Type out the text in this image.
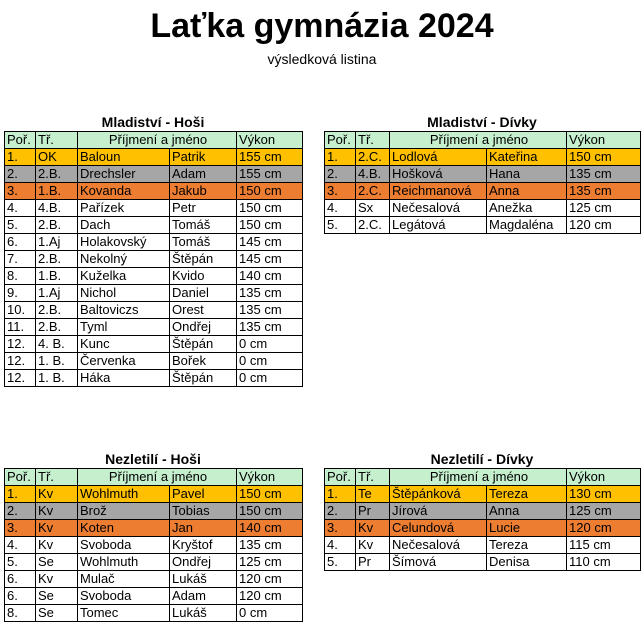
Laťka gymnázia 2024
výsledková listina
Mladiství - Hoši
Poř.	Tř.	Příjmení a jméno		Výkon
1.	OK	Baloun	Patrik	155 cm
2.	2.B.	Drechsler	Adam	155 cm
3.	1.B.	Kovanda	Jakub	150 cm
4.	4.B.	Pařízek	Petr	150 cm
5.	2.B.	Dach	Tomáš	150 cm
6.	1.Aj	Holakovský	Tomáš	145 cm
7.	2.B.	Nekolný	Štěpán	145 cm
8.	1.B.	Kuželka	Kvido	140 cm
9.	1.Aj	Nichol	Daniel	135 cm
10.	2.B.	Baltoviczs	Orest	135 cm
11.	2.B.	Tyml	Ondřej	135 cm
12.	4. B.	Kunc	Štěpán	0 cm
12.	1. B.	Červenka	Bořek	0 cm
12.	1. B.	Háka	Štěpán	0 cm
Mladiství - Dívky
Poř.	Tř.	Příjmení a jméno		Výkon
1.	2.C.	Lodlová	Kateřina	150 cm
2.	4.B.	Hošková	Hana	135 cm
3.	2.C.	Reichmanová	Anna	135 cm
4.	Sx	Nečesalová	Anežka	125 cm
5.	2.C.	Legátová	Magdaléna	120 cm
Nezletilí - Hoši
Poř.	Tř.	Příjmení a jméno		Výkon
1.	Kv	Wohlmuth	Pavel	150 cm
2.	Kv	Brož	Tobias	150 cm
3.	Kv	Koten	Jan	140 cm
4.	Kv	Svoboda	Kryštof	135 cm
5.	Se	Wohlmuth	Ondřej	125 cm
6.	Kv	Mulač	Lukáš	120 cm
6.	Se	Svoboda	Adam	120 cm
8.	Se	Tomec	Lukáš	0 cm
Nezletilí - Dívky
Poř.	Tř.	Příjmení a jméno		Výkon
1.	Te	Štěpánková	Tereza	130 cm
2.	Pr	Jírová	Anna	125 cm
3.	Kv	Celundová	Lucie	120 cm
4.	Kv	Nečesalová	Tereza	115 cm
5.	Pr	Šímová	Denisa	110 cm
